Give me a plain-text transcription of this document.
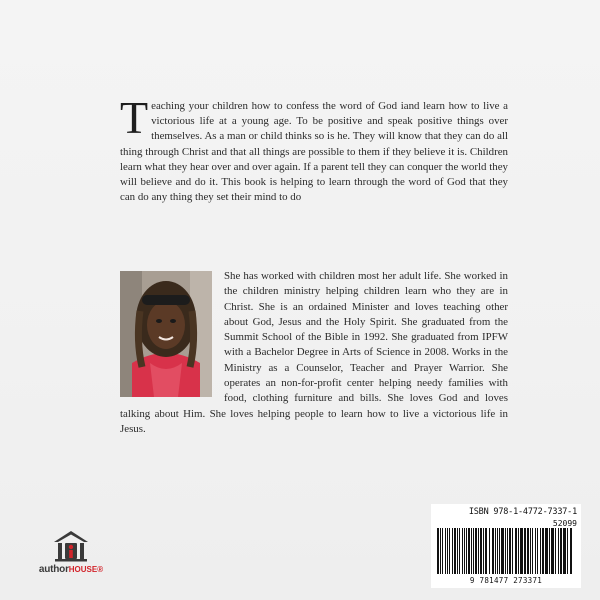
Teaching your children how to confess the word of God iand learn how to live a victorious life at a young age. To be positive and speak positive things over themselves. As a man or child thinks so is he. They will know that they can do all thing through Christ and that all things are possible to them if they believe it is. Children learn what they hear over and over again. If a parent tell they can conquer the world they will believe and do it. This book is helping to learn through the word of God that they can do any thing they set their mind to do
She has worked with children most her adult life. She worked in the children ministry helping children learn who they are in Christ. She is an ordained Minister and loves teaching other about God, Jesus and the Holy Spirit. She graduated from the Summit School of the Bible in 1992. She graduated from IPFW with a Bachelor Degree in Arts of Science in 2008. Works in the Ministry as a Counselor, Teacher and Prayer Warrior. She operates an non-for-profit center helping needy families with food, clothing furniture and bills. She loves God and loves talking about Him. She loves helping people to learn how to live a victorious life in Jesus.
authorHOUSE®
ISBN 978-1-4772-7337-1
52099
9 781477 273371
